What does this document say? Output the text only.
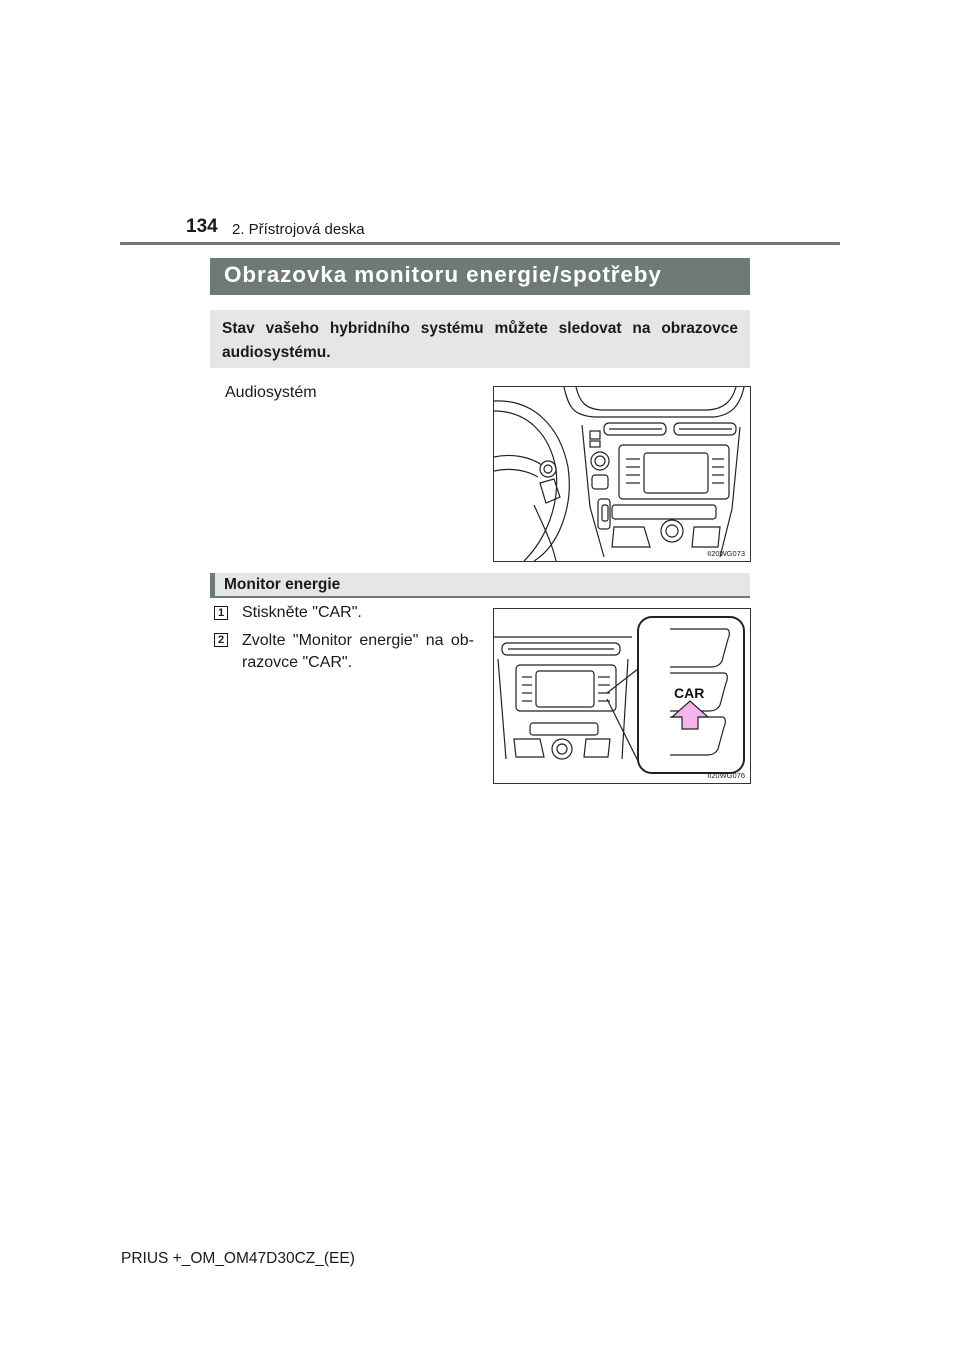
134 2. Přístrojová deska
Obrazovka monitoru energie/spotřeby
Stav vašeho hybridního systému můžete sledovat na obrazovce
audiosystému.
Audiosystém
II20WG073
Monitor energie
1 Stiskněte "CAR".
2 Zvolte "Monitor energie" na ob-
razovce "CAR".
CAR
II20WG076
PRIUS +_OM_OM47D30CZ_(EE)
